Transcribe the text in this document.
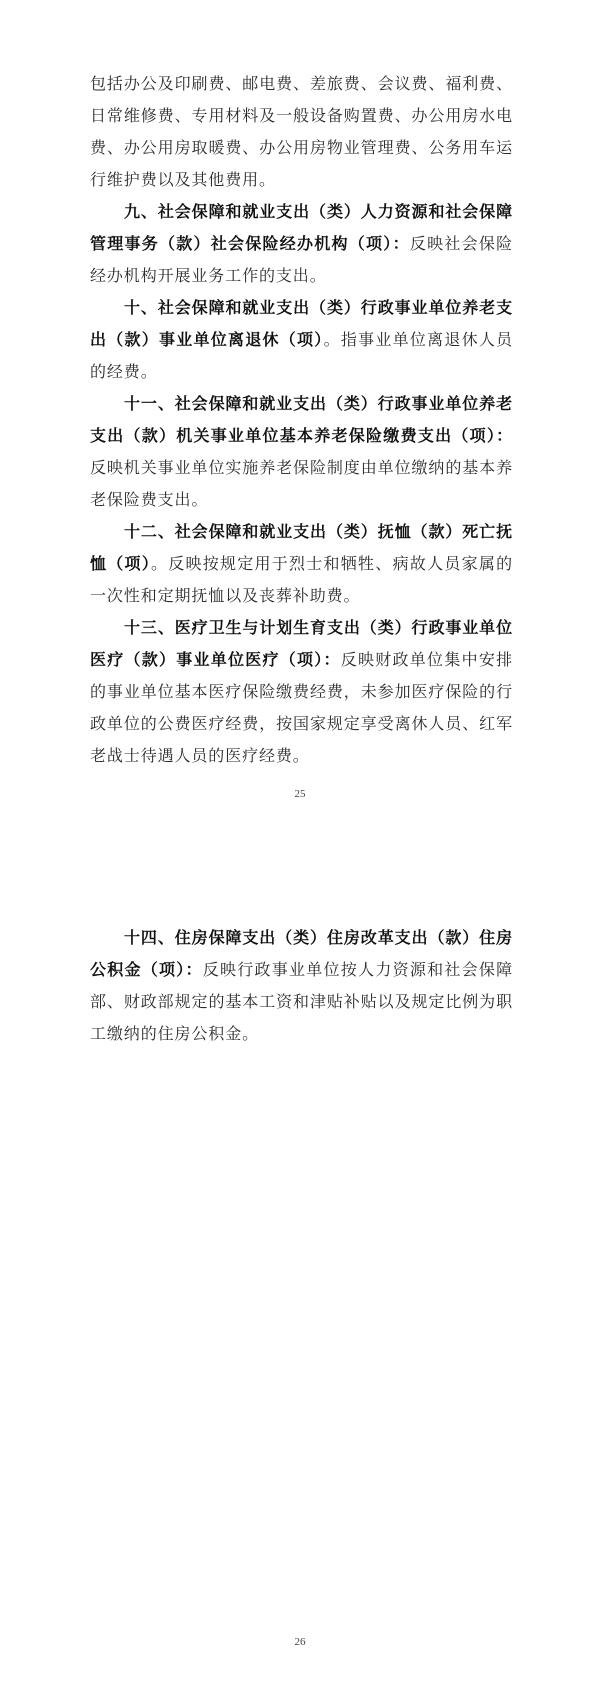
包括办公及印刷费、邮电费、差旅费、会议费、福利费、日常维修费、专用材料及一般设备购置费、办公用房水电费、办公用房取暖费、办公用房物业管理费、公务用车运行维护费以及其他费用。

九、社会保障和就业支出（类）人力资源和社会保障管理事务（款）社会保险经办机构（项）：反映社会保险经办机构开展业务工作的支出。

十、社会保障和就业支出（类）行政事业单位养老支出（款）事业单位离退休（项）。指事业单位离退休人员的经费。

十一、社会保障和就业支出（类）行政事业单位养老支出（款）机关事业单位基本养老保险缴费支出（项）：反映机关事业单位实施养老保险制度由单位缴纳的基本养老保险费支出。

十二、社会保障和就业支出（类）抚恤（款）死亡抚恤（项）。反映按规定用于烈士和牺牲、病故人员家属的一次性和定期抚恤以及丧葬补助费。

十三、医疗卫生与计划生育支出（类）行政事业单位医疗（款）事业单位医疗（项）：反映财政单位集中安排的事业单位基本医疗保险缴费经费，未参加医疗保险的行政单位的公费医疗经费，按国家规定享受离休人员、红军老战士待遇人员的医疗经费。

25

十四、住房保障支出（类）住房改革支出（款）住房公积金（项）：反映行政事业单位按人力资源和社会保障部、财政部规定的基本工资和津贴补贴以及规定比例为职工缴纳的住房公积金。

26
